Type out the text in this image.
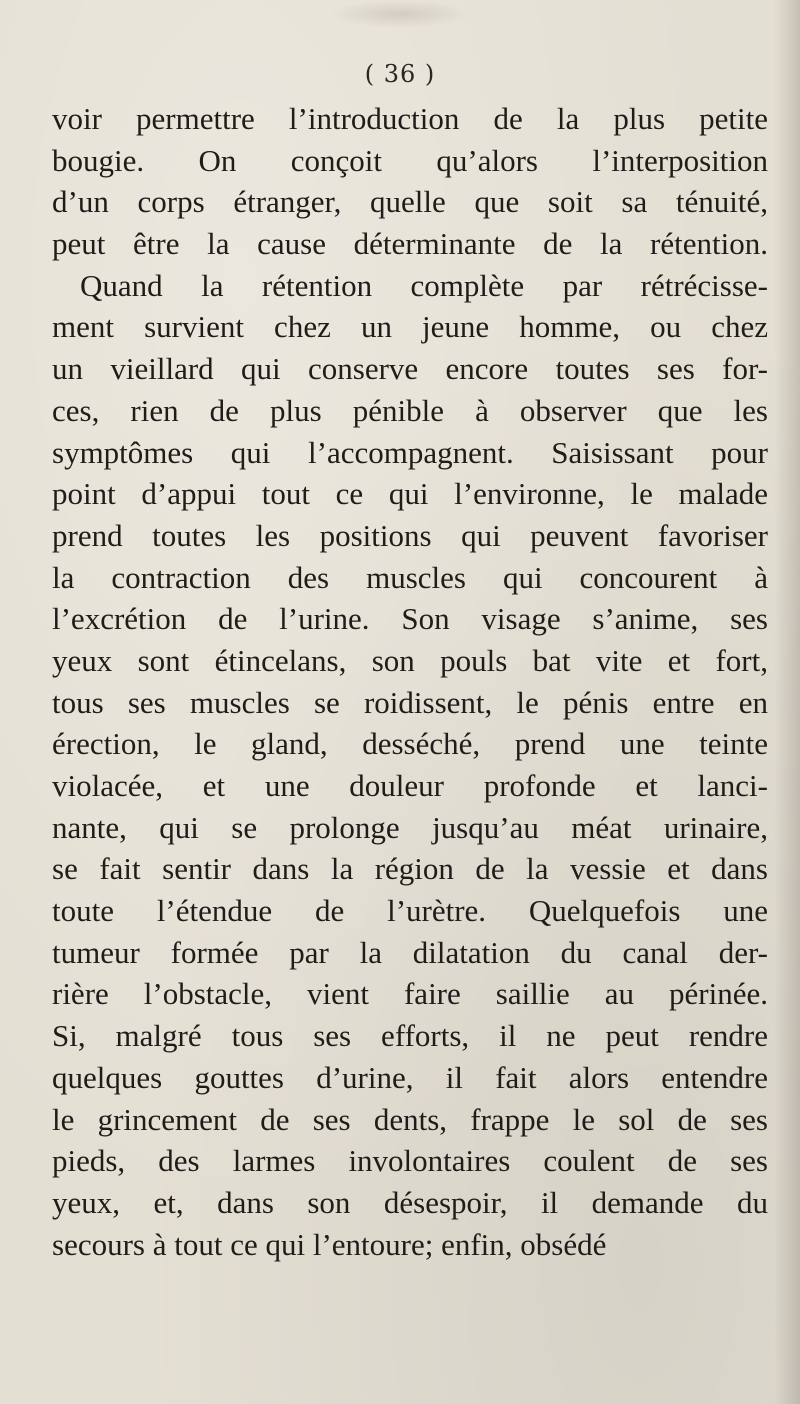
( 36 )
voir permettre l’introduction de la plus petite
bougie. On conçoit qu’alors l’interposition
d’un corps étranger, quelle que soit sa ténuité,
peut être la cause déterminante de la rétention.
Quand la rétention complète par rétrécisse-
ment survient chez un jeune homme, ou chez
un vieillard qui conserve encore toutes ses for-
ces, rien de plus pénible à observer que les
symptômes qui l’accompagnent. Saisissant pour
point d’appui tout ce qui l’environne, le malade
prend toutes les positions qui peuvent favoriser
la contraction des muscles qui concourent à
l’excrétion de l’urine. Son visage s’anime, ses
yeux sont étincelans, son pouls bat vite et fort,
tous ses muscles se roidissent, le pénis entre en
érection, le gland, desséché, prend une teinte
violacée, et une douleur profonde et lanci-
nante, qui se prolonge jusqu’au méat urinaire,
se fait sentir dans la région de la vessie et dans
toute l’étendue de l’urètre. Quelquefois une
tumeur formée par la dilatation du canal der-
rière l’obstacle, vient faire saillie au périnée.
Si, malgré tous ses efforts, il ne peut rendre
quelques gouttes d’urine, il fait alors entendre
le grincement de ses dents, frappe le sol de ses
pieds, des larmes involontaires coulent de ses
yeux, et, dans son désespoir, il demande du
secours à tout ce qui l’entoure; enfin, obsédé
